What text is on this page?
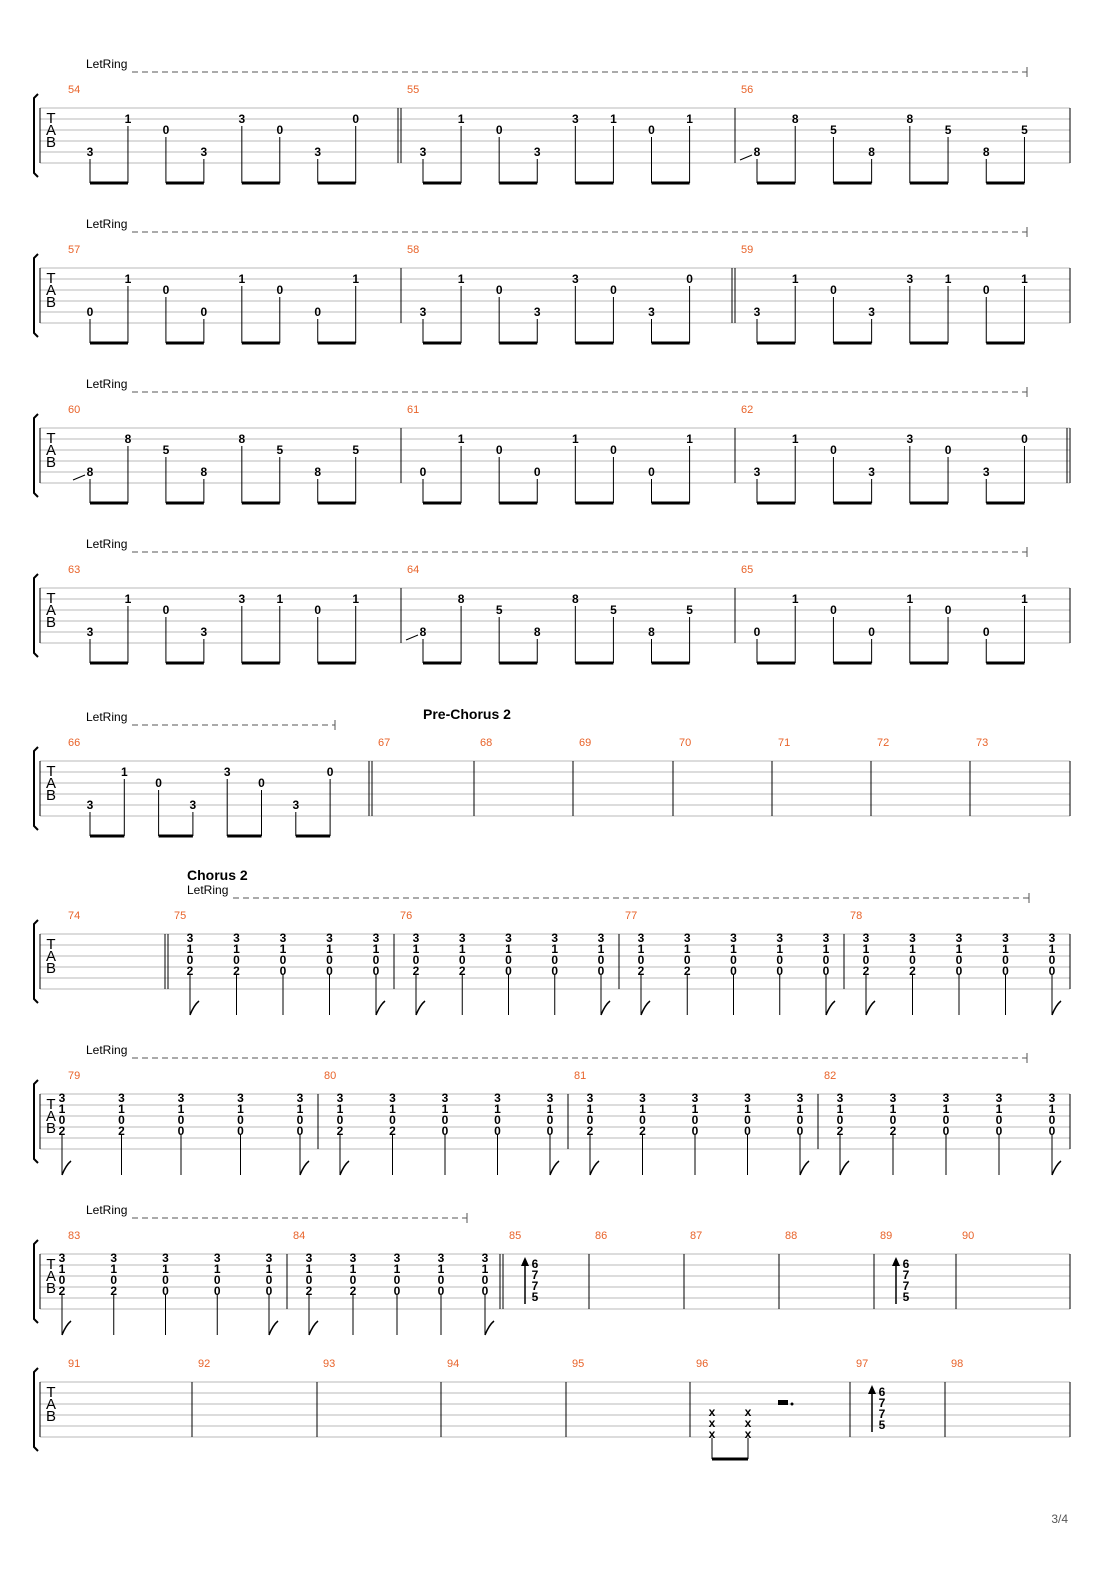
T
A
B
LetRing
54
3
1
0
3
3
0
3
0
55
3
1
0
3
3	1
0
1
56
8
8
5
8
8
5
8
5
T
A
B
LetRing
57
0
1
0
0
1
0
0
1
58
3
1
0
3
3
0
3
0
59
3
1
0
3
3	1
0
1
T
A
B
LetRing
60
8
8
5
8
8
5
8
5
61
0
1
0
0
1
0
0
1
62
3
1
0
3
3
0
3
0
T
A
B
LetRing
63
3
1
0
3
3	1
0
1
64
8
8
5
8
8
5
8
5
65
0
1
0
0
1
0
0
1
T
A
B
LetRing	Pre-Chorus 2
66
3
1
0
3
3
0
3
0
67	68	69	70	71	72	73
T
A
B
LetRing
Chorus 2
74	75
3
1
0
2
3
1
0
2
3
1
0
0
3
1
0
0
3
1
0
0
76
3
1
0
2
3
1
0
2
3
1
0
0
3
1
0
0
3
1
0
0
77
3
1
0
2
3
1
0
2
3
1
0
0
3
1
0
0
3
1
0
0
78
3
1
0
2
3
1
0
2
3
1
0
0
3
1
0
0
3
1
0
0
T
A
B
LetRing
79
3
1
0
2
3
1
0
2
3
1
0
0
3
1
0
0
3
1
0
0
80
3
1
0
2
3
1
0
2
3
1
0
0
3
1
0
0
3
1
0
0
81
3
1
0
2
3
1
0
2
3
1
0
0
3
1
0
0
3
1
0
0
82
3
1
0
2
3
1
0
2
3
1
0
0
3
1
0
0
3
1
0
0
T
A
B
LetRing
83
3
1
0
2
3
1
0
2
3
1
0
0
3
1
0
0
3
1
0
0
84
3
1
0
2
3
1
0
2
3
1
0
0
3
1
0
0
3
1
0
0
85
6
7
7
5
86	87	88	89
6
7
7
5
90
T
A
B
91	92	93	94	95	96
x
x
x
x
x
x
97
6
7
7
5
98
3/4
